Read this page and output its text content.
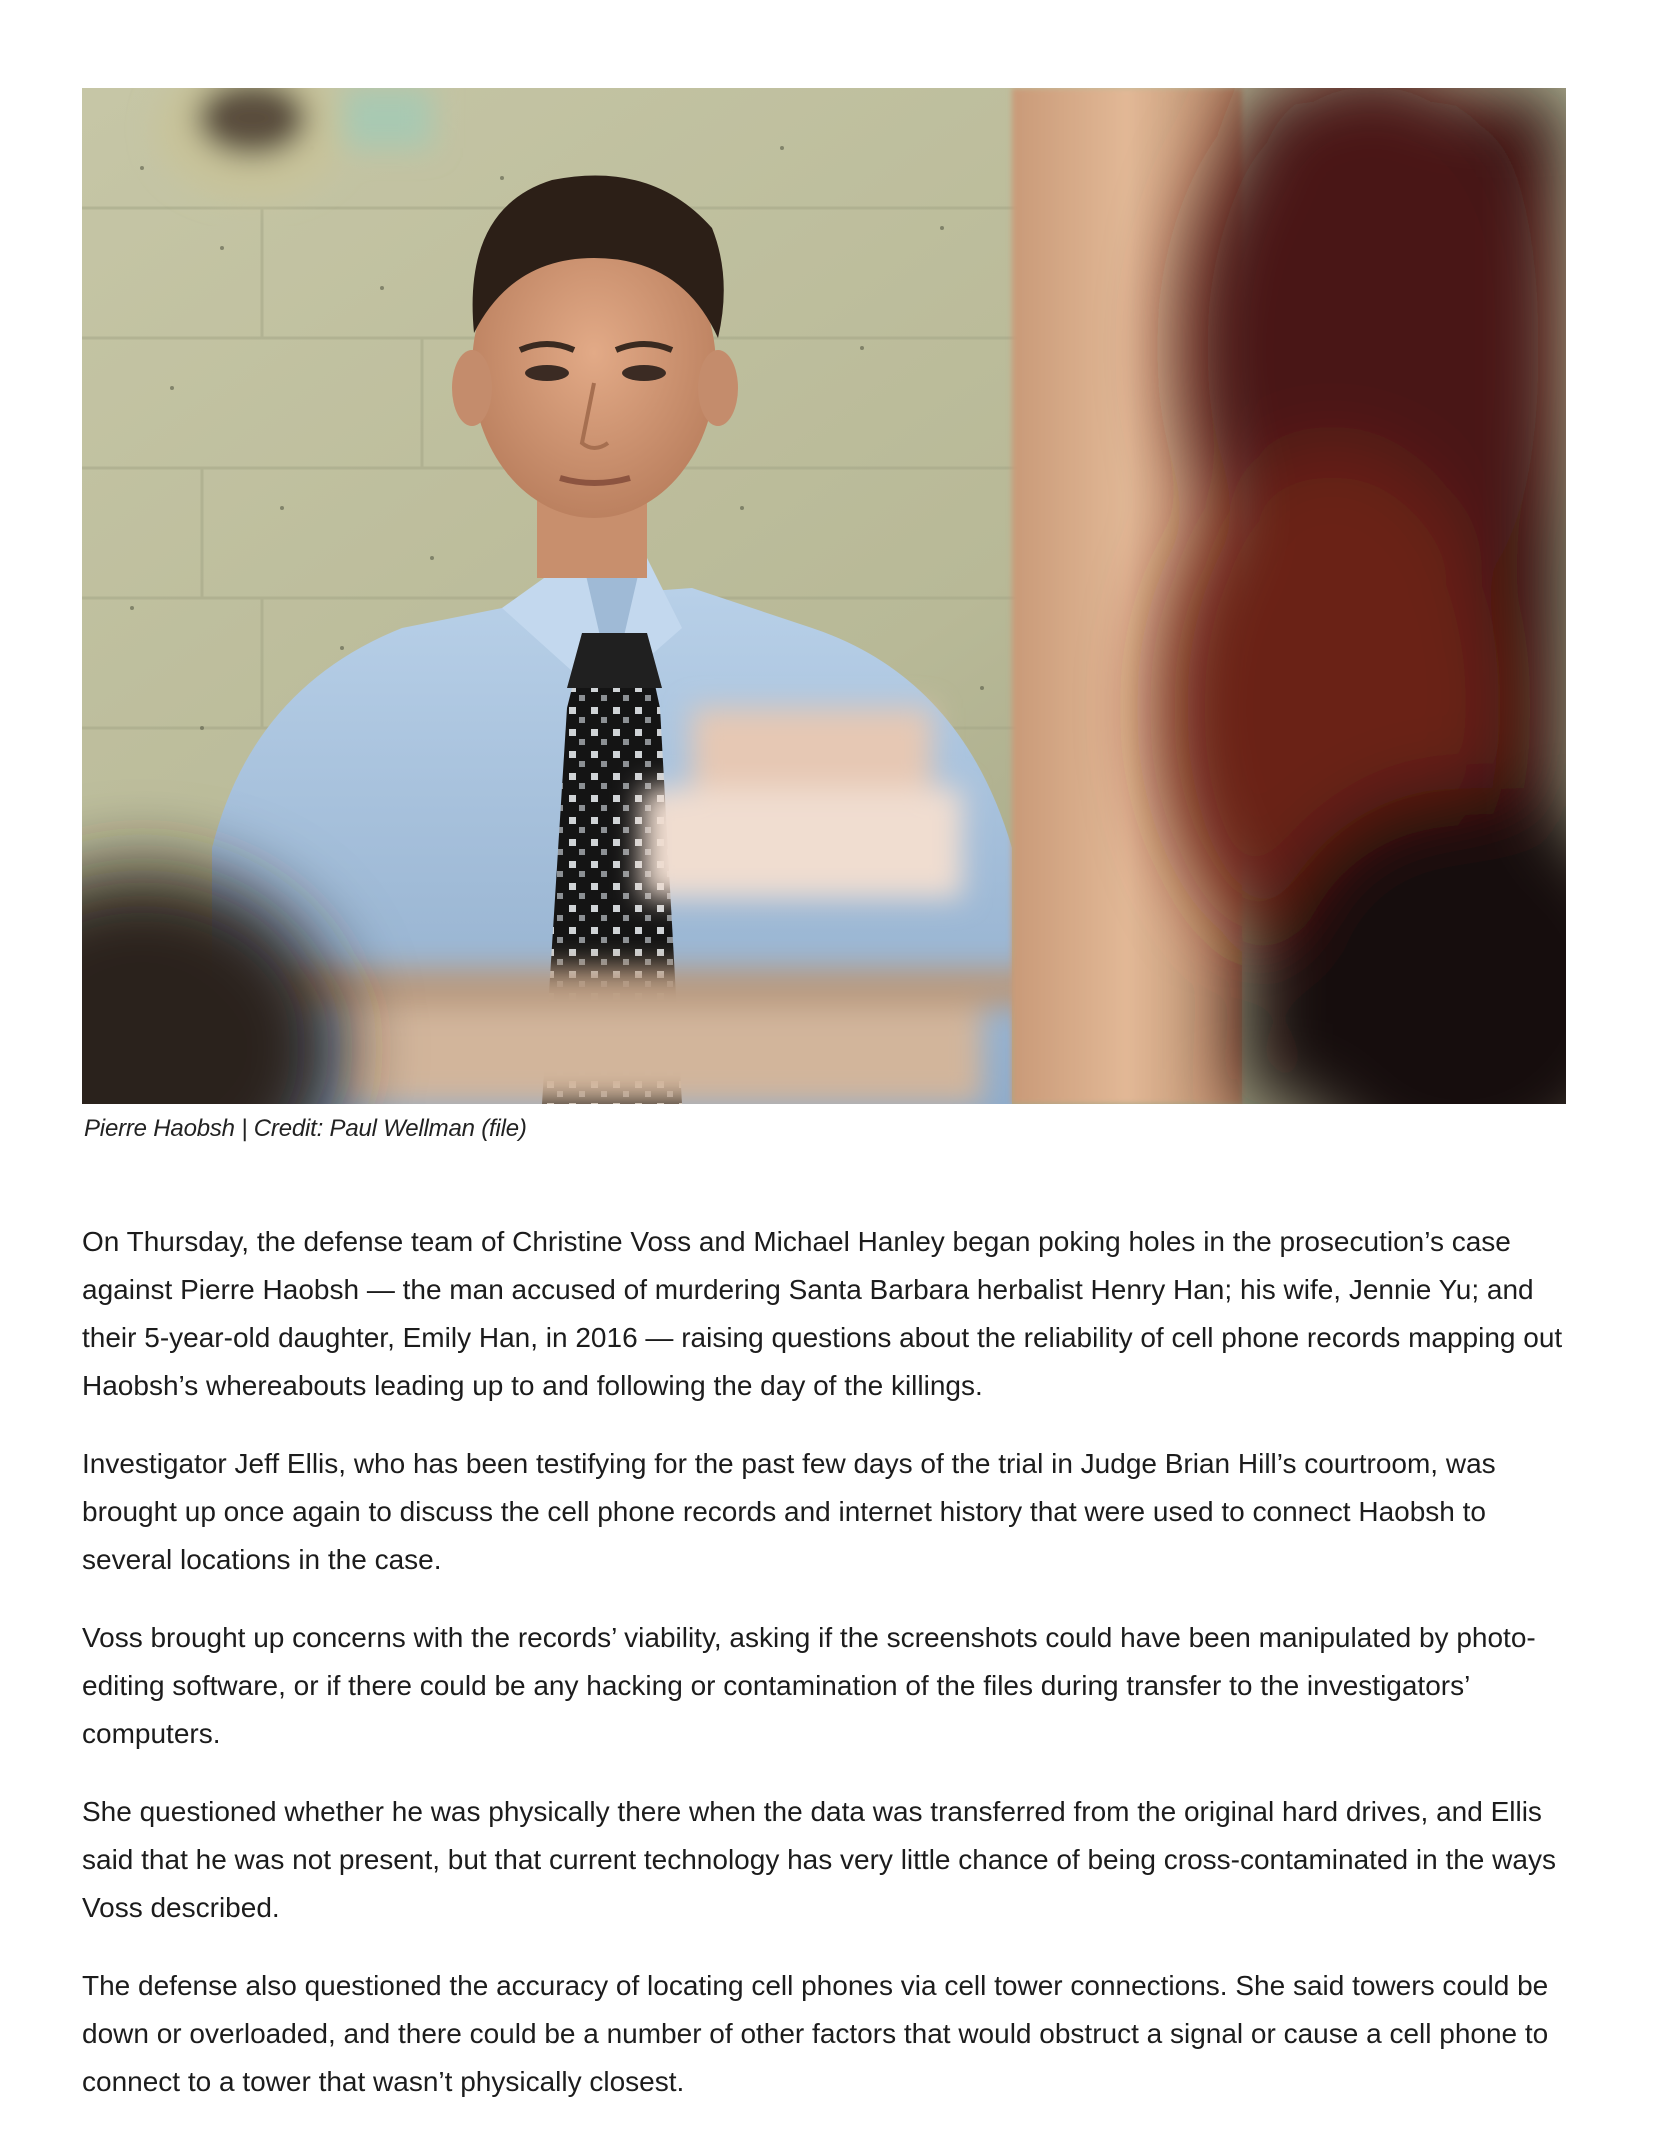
Pierre Haobsh | Credit: Paul Wellman (file)

On Thursday, the defense team of Christine Voss and Michael Hanley began poking holes in the prosecution’s case against Pierre Haobsh — the man accused of murdering Santa Barbara herbalist Henry Han; his wife, Jennie Yu; and their 5-year-old daughter, Emily Han, in 2016 — raising questions about the reliability of cell phone records mapping out Haobsh’s whereabouts leading up to and following the day of the killings.

Investigator Jeff Ellis, who has been testifying for the past few days of the trial in Judge Brian Hill’s courtroom, was brought up once again to discuss the cell phone records and internet history that were used to connect Haobsh to several locations in the case.

Voss brought up concerns with the records’ viability, asking if the screenshots could have been manipulated by photo-editing software, or if there could be any hacking or contamination of the files during transfer to the investigators’ computers.

She questioned whether he was physically there when the data was transferred from the original hard drives, and Ellis said that he was not present, but that current technology has very little chance of being cross-contaminated in the ways Voss described.

The defense also questioned the accuracy of locating cell phones via cell tower connections. She said towers could be down or overloaded, and there could be a number of other factors that would obstruct a signal or cause a cell phone to connect to a tower that wasn’t physically closest.
